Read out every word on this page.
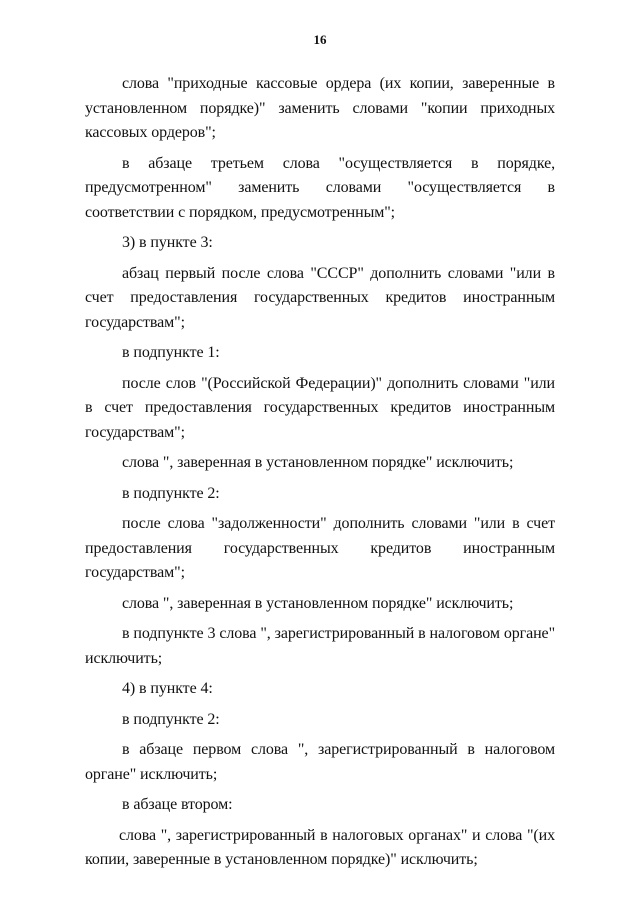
16

слова "приходные кассовые ордера (их копии, заверенные в установленном порядке)" заменить словами "копии приходных кассовых ордеров";

в абзаце третьем слова "осуществляется в порядке, предусмотренном" заменить словами "осуществляется в соответствии с порядком, предусмотренным";

3) в пункте 3:

абзац первый после слова "СССР" дополнить словами "или в счет предоставления государственных кредитов иностранным государствам";

в подпункте 1:

после слов "(Российской Федерации)" дополнить словами "или в счет предоставления государственных кредитов иностранным государствам";

слова ", заверенная в установленном порядке" исключить;

в подпункте 2:

после слова "задолженности" дополнить словами "или в счет предоставления государственных кредитов иностранным государствам";

слова ", заверенная в установленном порядке" исключить;

в подпункте 3 слова ", зарегистрированный в налоговом органе" исключить;

4) в пункте 4:

в подпункте 2:

в абзаце первом слова ", зарегистрированный в налоговом органе" исключить;

в абзаце втором:

слова ", зарегистрированный в налоговых органах" и слова "(их копии, заверенные в установленном порядке)" исключить;
